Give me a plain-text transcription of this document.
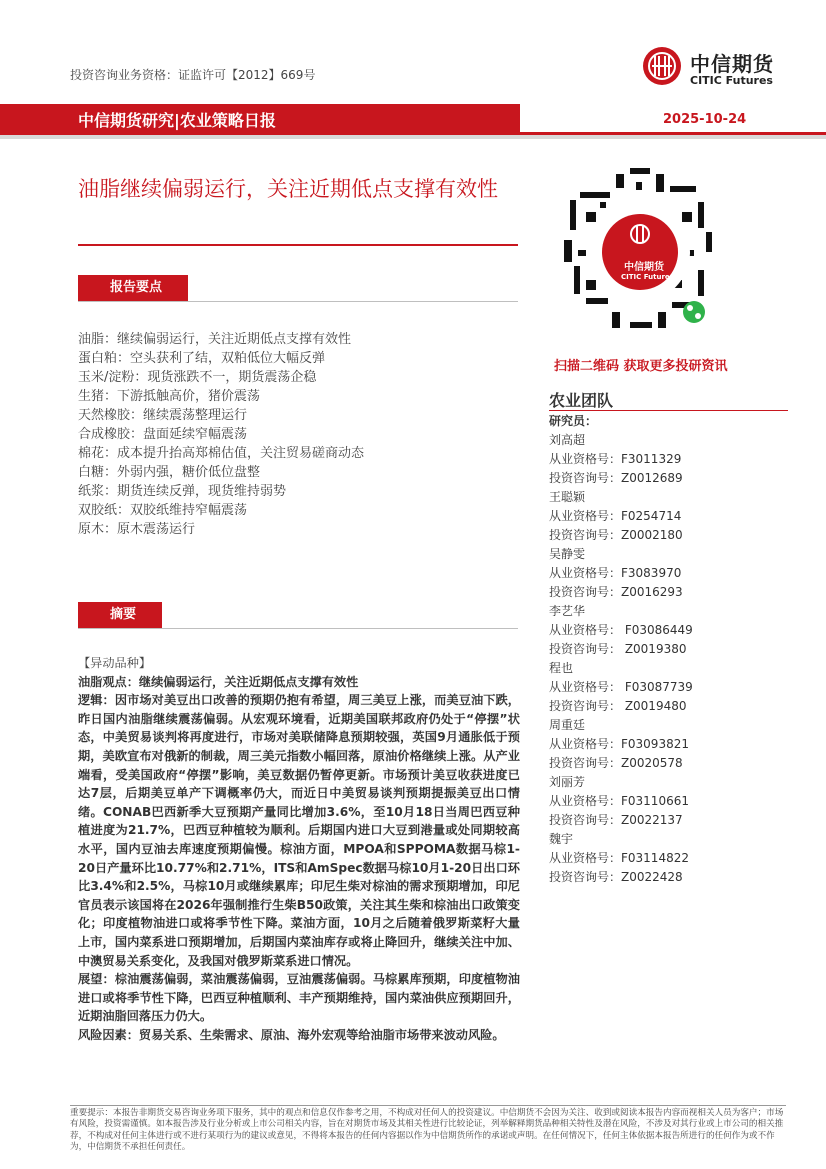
投资咨询业务资格：证监许可【2012】669号	中信期货
CITIC Futures
中信期货研究|农业策略日报	2025-10-24
油脂继续偏弱运行，关注近期低点支撑有效性
报告要点
油脂：继续偏弱运行，关注近期低点支撑有效性
蛋白粕：空头获利了结，双粕低位大幅反弹
玉米/淀粉：现货涨跌不一，期货震荡企稳
生猪：下游抵触高价，猪价震荡
天然橡胶：继续震荡整理运行
合成橡胶：盘面延续窄幅震荡
棉花：成本提升抬高郑棉估值，关注贸易磋商动态
白糖：外弱内强，糖价低位盘整
纸浆：期货连续反弹，现货维持弱势
双胶纸：双胶纸维持窄幅震荡
原木：原木震荡运行
摘要
【异动品种】
油脂观点：继续偏弱运行，关注近期低点支撑有效性
逻辑：因市场对美豆出口改善的预期仍抱有希望，周三美豆上涨，而美豆油下跌，昨日国内油脂继续震荡偏弱。从宏观环境看，近期美国联邦政府仍处于“停摆”状态，中美贸易谈判将再度进行，市场对美联储降息预期较强，英国9月通胀低于预期，美欧宣布对俄新的制裁，周三美元指数小幅回落，原油价格继续上涨。从产业端看，受美国政府“停摆”影响，美豆数据仍暂停更新。市场预计美豆收获进度已达7层，后期美豆单产下调概率仍大，而近日中美贸易谈判预期提振美豆出口情绪。CONAB巴西新季大豆预期产量同比增加3.6%，至10月18日当周巴西豆种植进度为21.7%，巴西豆种植较为顺利。后期国内进口大豆到港量或处同期较高水平，国内豆油去库速度预期偏慢。棕油方面，MPOA和SPPOMA数据马棕1-20日产量环比10.77%和2.71%，ITS和AmSpec数据马棕10月1-20日出口环比3.4%和2.5%，马棕10月或继续累库；印尼生柴对棕油的需求预期增加，印尼官员表示该国将在2026年强制推行生柴B50政策，关注其生柴和棕油出口政策变化；印度植物油进口或将季节性下降。菜油方面，10月之后随着俄罗斯菜籽大量上市，国内菜系进口预期增加，后期国内菜油库存或将止降回升，继续关注中加、中澳贸易关系变化，及我国对俄罗斯菜系进口情况。
展望：棕油震荡偏弱，菜油震荡偏弱，豆油震荡偏弱。马棕累库预期，印度植物油进口或将季节性下降，巴西豆种植顺利、丰产预期维持，国内菜油供应预期回升，近期油脂回落压力仍大。
风险因素：贸易关系、生柴需求、原油、海外宏观等给油脂市场带来波动风险。
中信期货
CITIC Futures
扫描二维码 获取更多投研资讯
农业团队
研究员：
刘高超
从业资格号：F3011329
投资咨询号：Z0012689
王聪颖
从业资格号：F0254714
投资咨询号：Z0002180
吴静雯
从业资格号：F3083970
投资咨询号：Z0016293
李艺华
从业资格号： F03086449
投资咨询号： Z0019380
程也
从业资格号： F03087739
投资咨询号： Z0019480
周重廷
从业资格号：F03093821
投资咨询号：Z0020578
刘丽芳
从业资格号：F03110661
投资咨询号：Z0022137
魏宇
从业资格号：F03114822
投资咨询号：Z0022428
重要提示：本报告非期货交易咨询业务项下服务，其中的观点和信息仅作参考之用，不构成对任何人的投资建议。中信期货不会因为关注、收到或阅读本报告内容而视相关人员为客户；市场有风险，投资需谨慎。如本报告涉及行业分析或上市公司相关内容，旨在对期货市场及其相关性进行比较论证，列举解释期货品种相关特性及潜在风险，不涉及对其行业或上市公司的相关推荐，不构成对任何主体进行或不进行某项行为的建议或意见，不得将本报告的任何内容据以作为中信期货所作的承诺或声明。在任何情况下，任何主体依据本报告所进行的任何作为或不作为，中信期货不承担任何责任。
